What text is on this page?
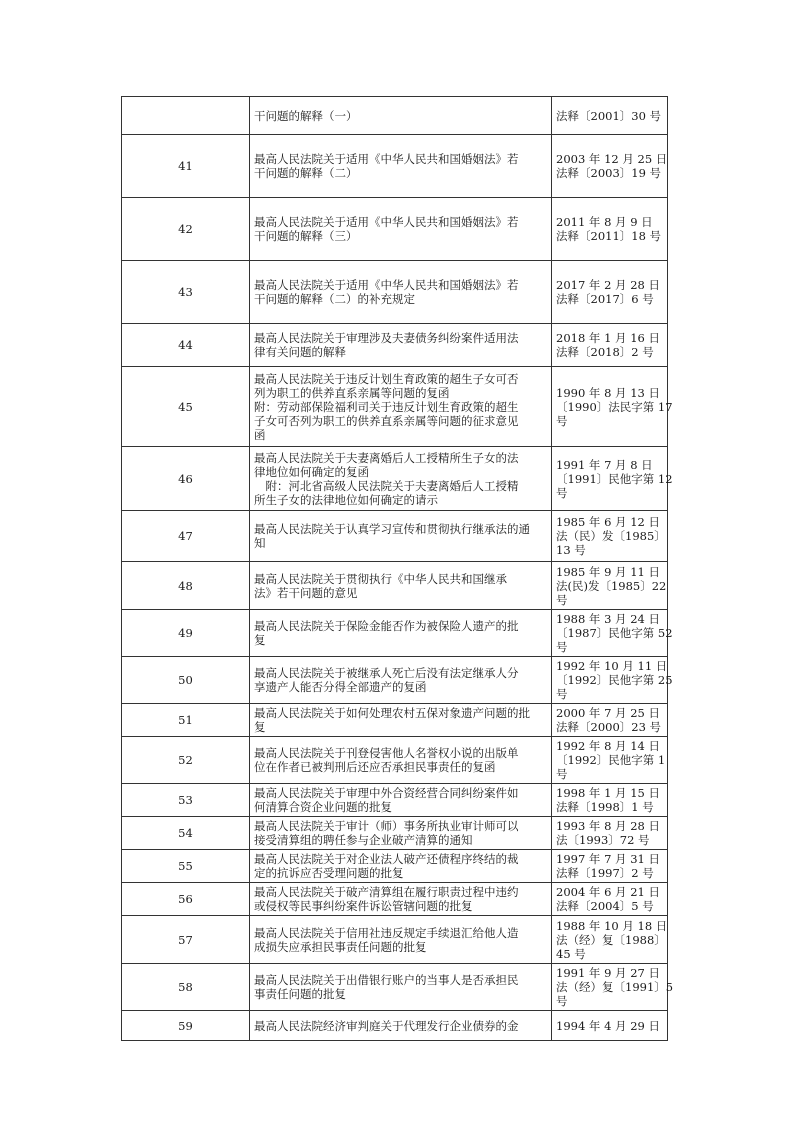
	干问题的解释（一）	法释〔2001〕30 号

41	最高人民法院关于适用《中华人民共和国婚姻法》若
干问题的解释（二）	2003 年 12 月 25 日
法释〔2003〕19 号

42	最高人民法院关于适用《中华人民共和国婚姻法》若
干问题的解释（三）	2011 年 8 月 9 日
法释〔2011〕18 号

43	最高人民法院关于适用《中华人民共和国婚姻法》若
干问题的解释（二）的补充规定	2017 年 2 月 28 日
法释〔2017〕6 号

44	最高人民法院关于审理涉及夫妻债务纠纷案件适用法
律有关问题的解释	2018 年 1 月 16 日
法释〔2018〕2 号

45	最高人民法院关于违反计划生育政策的超生子女可否
列为职工的供养直系亲属等问题的复函
附：劳动部保险福利司关于违反计划生育政策的超生
子女可否列为职工的供养直系亲属等问题的征求意见
函	1990 年 8 月 13 日
〔1990〕法民字第 17
号

46	最高人民法院关于夫妻离婚后人工授精所生子女的法
律地位如何确定的复函
　附：河北省高级人民法院关于夫妻离婚后人工授精
所生子女的法律地位如何确定的请示	1991 年 7 月 8 日
〔1991〕民他字第 12
号

47	最高人民法院关于认真学习宣传和贯彻执行继承法的通
知	1985 年 6 月 12 日
法（民）发〔1985〕
13 号

48	最高人民法院关于贯彻执行《中华人民共和国继承
法》若干问题的意见	1985 年 9 月 11 日
法(民)发〔1985〕22
号

49	最高人民法院关于保险金能否作为被保险人遗产的批
复	1988 年 3 月 24 日
〔1987〕民他字第 52
号

50	最高人民法院关于被继承人死亡后没有法定继承人分
享遗产人能否分得全部遗产的复函	1992 年 10 月 11 日
〔1992〕民他字第 25
号

51	最高人民法院关于如何处理农村五保对象遗产问题的批
复	2000 年 7 月 25 日
法释〔2000〕23 号

52	最高人民法院关于刊登侵害他人名誉权小说的出版单
位在作者已被判刑后还应否承担民事责任的复函	1992 年 8 月 14 日
〔1992〕民他字第 1
号

53	最高人民法院关于审理中外合资经营合同纠纷案件如
何清算合资企业问题的批复	1998 年 1 月 15 日
法释〔1998〕1 号

54	最高人民法院关于审计（师）事务所执业审计师可以
接受清算组的聘任参与企业破产清算的通知	1993 年 8 月 28 日
法〔1993〕72 号

55	最高人民法院关于对企业法人破产还债程序终结的裁
定的抗诉应否受理问题的批复	1997 年 7 月 31 日
法释〔1997〕2 号

56	最高人民法院关于破产清算组在履行职责过程中违约
或侵权等民事纠纷案件诉讼管辖问题的批复	2004 年 6 月 21 日
法释〔2004〕5 号

57	最高人民法院关于信用社违反规定手续退汇给他人造
成损失应承担民事责任问题的批复	1988 年 10 月 18 日
法（经）复〔1988〕
45 号

58	最高人民法院关于出借银行账户的当事人是否承担民
事责任问题的批复	1991 年 9 月 27 日
法（经）复〔1991〕5
号

59	最高人民法院经济审判庭关于代理发行企业债券的金	1994 年 4 月 29 日
